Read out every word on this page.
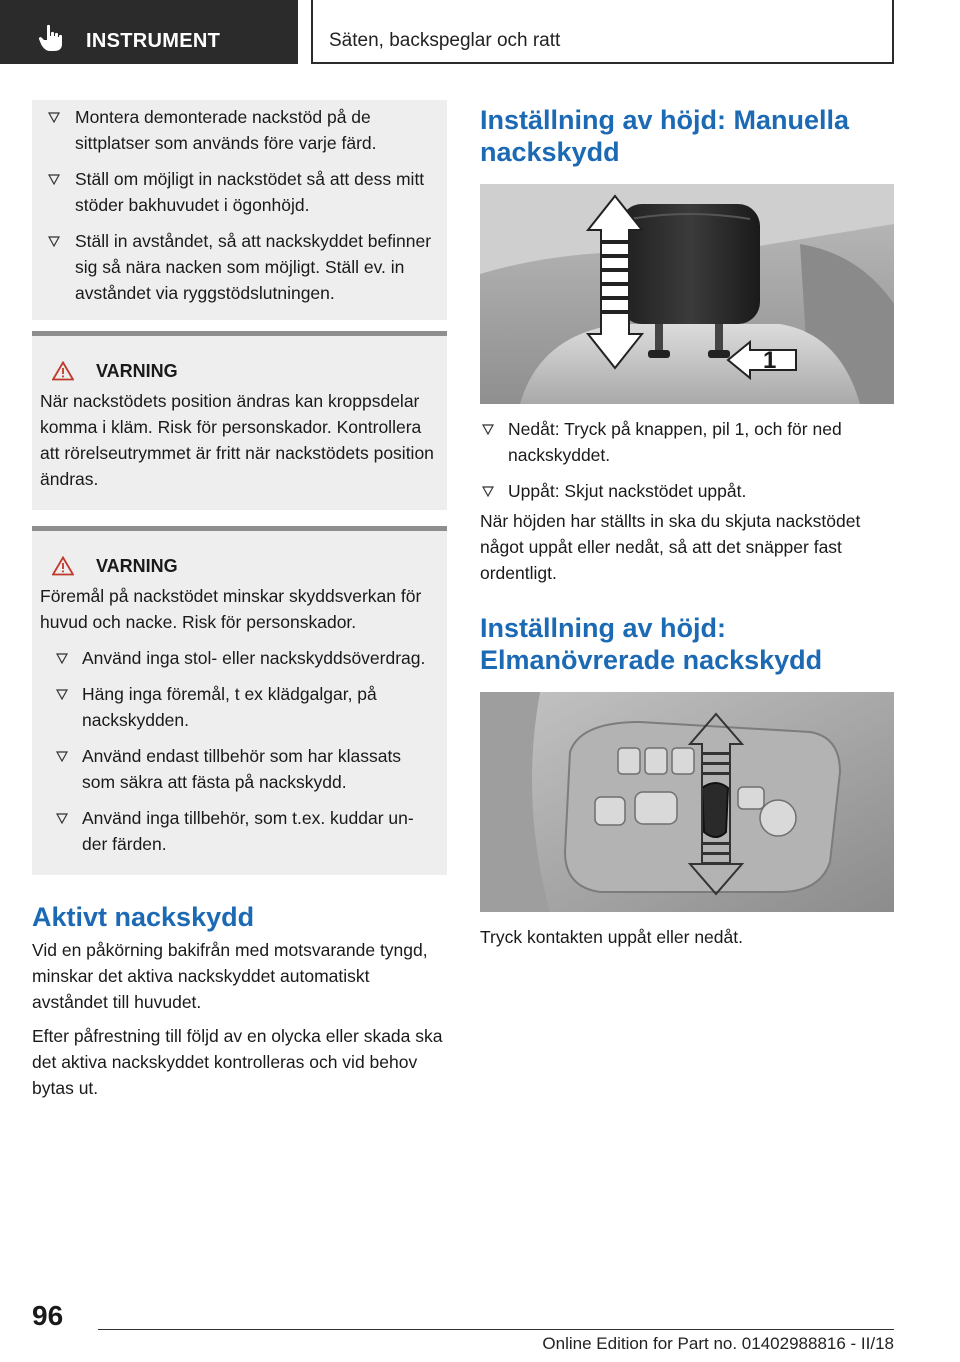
INSTRUMENT	Säten, backspeglar och ratt
Montera demonterade nackstöd på de sittplatser som används före varje färd.
Ställ om möjligt in nackstödet så att dess mitt stöder bakhuvudet i ögonhöjd.
Ställ in avståndet, så att nackskyddet befinner sig så nära nacken som möjligt. Ställ ev. in avståndet via ryggstödslutningen.
VARNING
När nackstödets position ändras kan kroppsdelar komma i kläm. Risk för personskador. Kontrollera att rörelseutrymmet är fritt när nackstödets position ändras.
VARNING
Föremål på nackstödet minskar skyddsverkan för huvud och nacke. Risk för personskador.
Använd inga stol- eller nackskyddsöverdrag.
Häng inga föremål, t ex klädgalgar, på nackskydden.
Använd endast tillbehör som har klassats som säkra att fästa på nackskydd.
Använd inga tillbehör, som t.ex. kuddar under färden.
Aktivt nackskydd

Vid en påkörning bakifrån med motsvarande tyngd, minskar det aktiva nackskyddet automatiskt avståndet till huvudet.

Efter påfrestning till följd av en olycka eller skada ska det aktiva nackskyddet kontrolleras och vid behov bytas ut.

Inställning av höjd: Manuella nackskydd
1
Nedåt: Tryck på knappen, pil 1, och för ned nackskyddet.
Uppåt: Skjut nackstödet uppåt.

När höjden har ställts in ska du skjuta nackstödet något uppåt eller nedåt, så att det snäpper fast ordentligt.

Inställning av höjd: Elmanövrerade nackskydd

Tryck kontakten uppåt eller nedåt.

96
Online Edition for Part no. 01402988816 - II/18
